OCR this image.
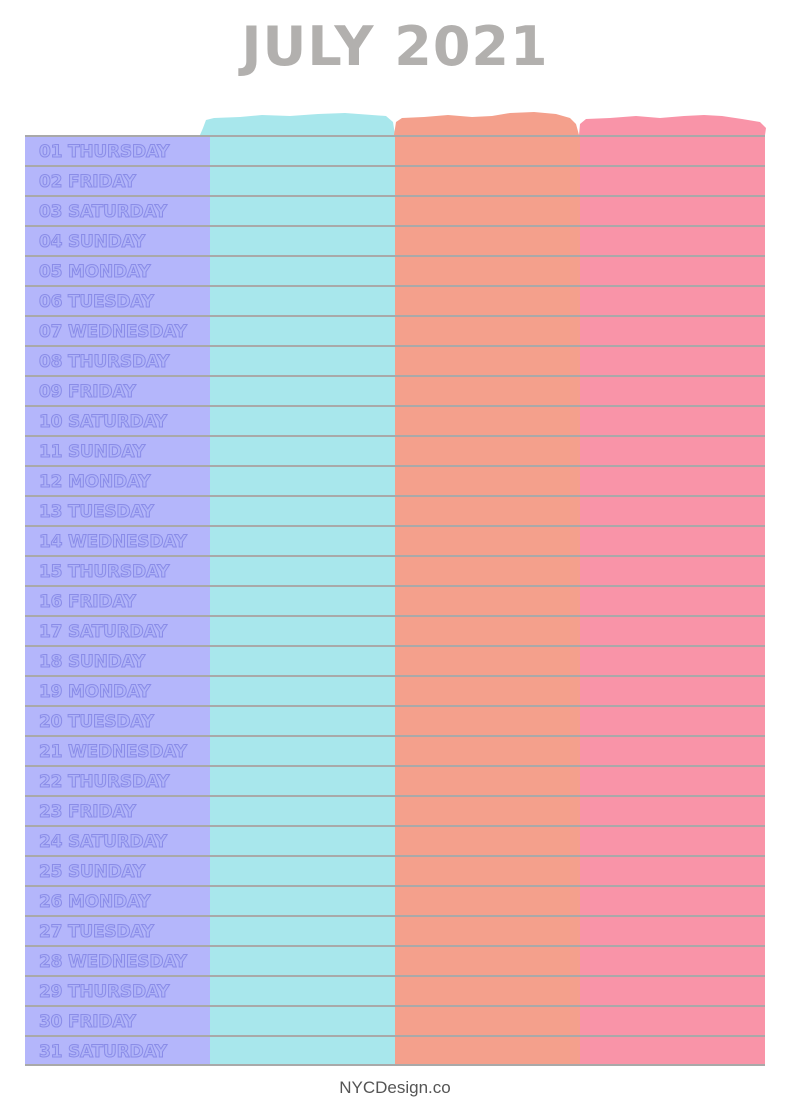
JULY 2021
01 THURSDAY
02 FRIDAY
03 SATURDAY
04 SUNDAY
05 MONDAY
06 TUESDAY
07 WEDNESDAY
08 THURSDAY
09 FRIDAY
10 SATURDAY
11 SUNDAY
12 MONDAY
13 TUESDAY
14 WEDNESDAY
15 THURSDAY
16 FRIDAY
17 SATURDAY
18 SUNDAY
19 MONDAY
20 TUESDAY
21 WEDNESDAY
22 THURSDAY
23 FRIDAY
24 SATURDAY
25 SUNDAY
26 MONDAY
27 TUESDAY
28 WEDNESDAY
29 THURSDAY
30 FRIDAY
31 SATURDAY
NYCDesign.co
